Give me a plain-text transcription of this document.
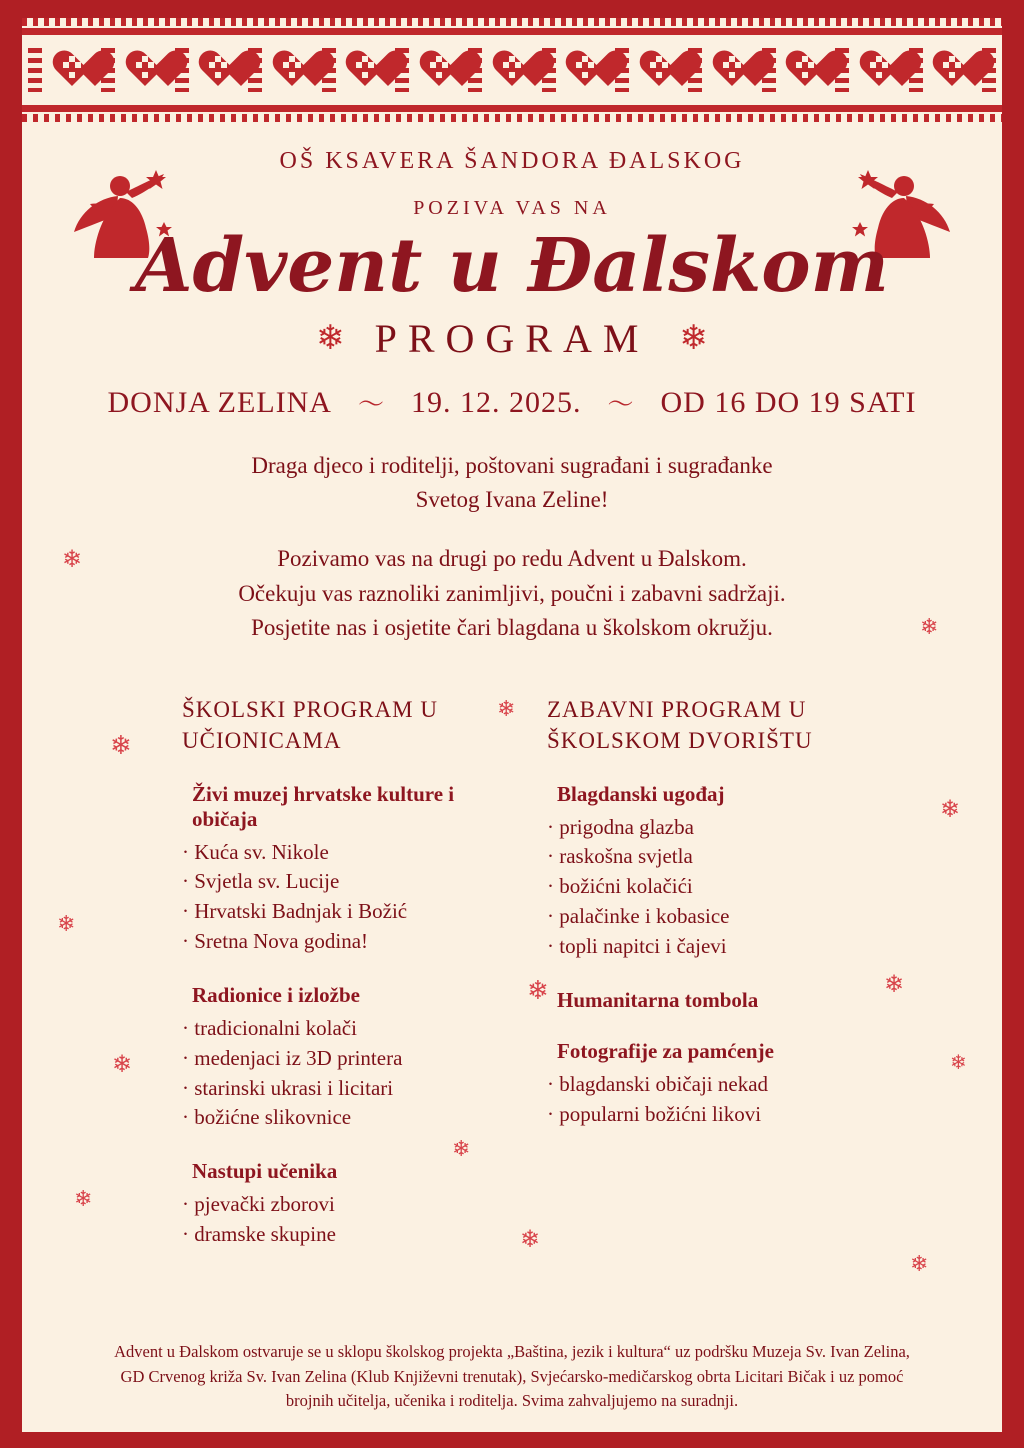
❄
❄
❄
❄
❄
❄
❄
❄
❄
❄
❄
❄
❄
❄
OŠ KSAVERA ŠANDORA ĐALSKOG
POZIVA VAS NA
Advent u Đalskom
❄ PROGRAM ❄
DONJA ZELINA 〜 19. 12. 2025. 〜 OD 16 DO 19 SATI
Draga djeco i roditelji, poštovani sugrađani i sugrađanke
Svetog Ivana Zeline!
Pozivamo vas na drugi po redu Advent u Đalskom.
Očekuju vas raznoliki zanimljivi, poučni i zabavni sadržaji.
Posjetite nas i osjetite čari blagdana u školskom okružju.
ŠKOLSKI PROGRAM U UČIONICAMA
Živi muzej hrvatske kulture i običaja
· Kuća sv. Nikole
· Svjetla sv. Lucije
· Hrvatski Badnjak i Božić
· Sretna Nova godina!
Radionice i izložbe
· tradicionalni kolači
· medenjaci iz 3D printera
· starinski ukrasi i licitari
· božićne slikovnice
Nastupi učenika
· pjevački zborovi
· dramske skupine
ZABAVNI PROGRAM U ŠKOLSKOM DVORIŠTU
Blagdanski ugođaj
· prigodna glazba
· raskošna svjetla
· božićni kolačići
· palačinke i kobasice
· topli napitci i čajevi
Humanitarna tombola
Fotografije za pamćenje
· blagdanski običaji nekad
· popularni božićni likovi
Advent u Đalskom ostvaruje se u sklopu školskog projekta „Baština, jezik i kultura“ uz podršku Muzeja Sv. Ivan Zelina,
GD Crvenog križa Sv. Ivan Zelina (Klub Književni trenutak), Svjećarsko-medičarskog obrta Licitari Bičak i uz pomoć
brojnih učitelja, učenika i roditelja. Svima zahvaljujemo na suradnji.
